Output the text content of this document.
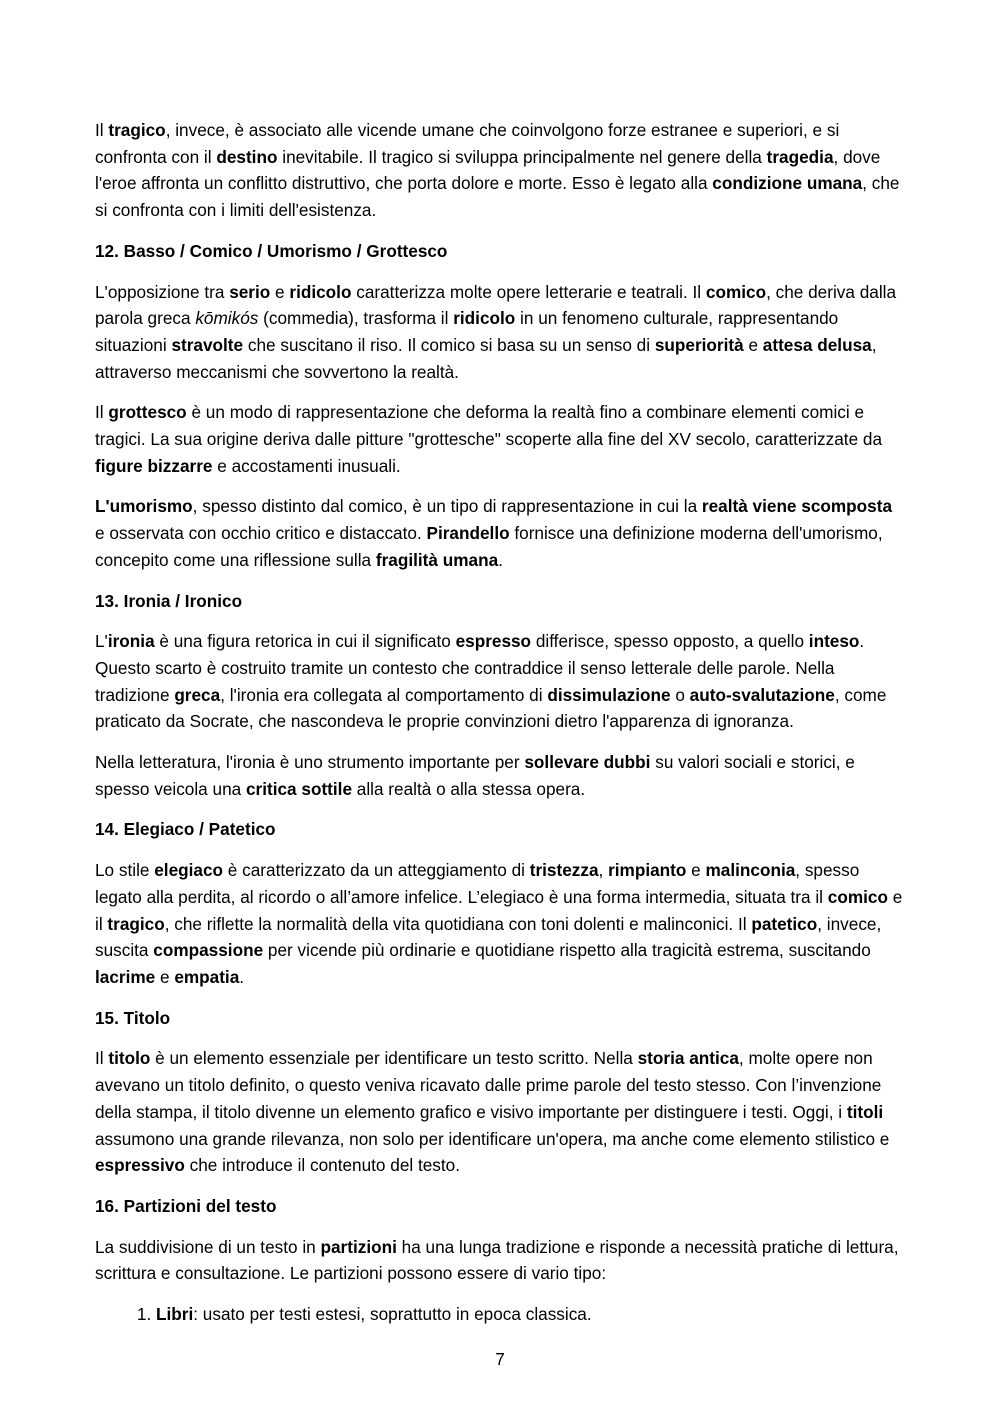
Il tragico, invece, è associato alle vicende umane che coinvolgono forze estranee e superiori, e si confronta con il destino inevitabile. Il tragico si sviluppa principalmente nel genere della tragedia, dove l'eroe affronta un conflitto distruttivo, che porta dolore e morte. Esso è legato alla condizione umana, che si confronta con i limiti dell'esistenza.

12. Basso / Comico / Umorismo / Grottesco

L'opposizione tra serio e ridicolo caratterizza molte opere letterarie e teatrali. Il comico, che deriva dalla parola greca kōmikós (commedia), trasforma il ridicolo in un fenomeno culturale, rappresentando situazioni stravolte che suscitano il riso. Il comico si basa su un senso di superiorità e attesa delusa, attraverso meccanismi che sovvertono la realtà.

Il grottesco è un modo di rappresentazione che deforma la realtà fino a combinare elementi comici e tragici. La sua origine deriva dalle pitture "grottesche" scoperte alla fine del XV secolo, caratterizzate da figure bizzarre e accostamenti inusuali.

L'umorismo, spesso distinto dal comico, è un tipo di rappresentazione in cui la realtà viene scomposta e osservata con occhio critico e distaccato. Pirandello fornisce una definizione moderna dell'umorismo, concepito come una riflessione sulla fragilità umana.

13. Ironia / Ironico

L'ironia è una figura retorica in cui il significato espresso differisce, spesso opposto, a quello inteso. Questo scarto è costruito tramite un contesto che contraddice il senso letterale delle parole. Nella tradizione greca, l'ironia era collegata al comportamento di dissimulazione o auto-svalutazione, come praticato da Socrate, che nascondeva le proprie convinzioni dietro l'apparenza di ignoranza.

Nella letteratura, l'ironia è uno strumento importante per sollevare dubbi su valori sociali e storici, e spesso veicola una critica sottile alla realtà o alla stessa opera.

14. Elegiaco / Patetico

Lo stile elegiaco è caratterizzato da un atteggiamento di tristezza, rimpianto e malinconia, spesso legato alla perdita, al ricordo o all’amore infelice. L’elegiaco è una forma intermedia, situata tra il comico e il tragico, che riflette la normalità della vita quotidiana con toni dolenti e malinconici. Il patetico, invece, suscita compassione per vicende più ordinarie e quotidiane rispetto alla tragicità estrema, suscitando lacrime e empatia.

15. Titolo

Il titolo è un elemento essenziale per identificare un testo scritto. Nella storia antica, molte opere non avevano un titolo definito, o questo veniva ricavato dalle prime parole del testo stesso. Con l’invenzione della stampa, il titolo divenne un elemento grafico e visivo importante per distinguere i testi. Oggi, i titoli assumono una grande rilevanza, non solo per identificare un'opera, ma anche come elemento stilistico e espressivo che introduce il contenuto del testo.

16. Partizioni del testo

La suddivisione di un testo in partizioni ha una lunga tradizione e risponde a necessità pratiche di lettura, scrittura e consultazione. Le partizioni possono essere di vario tipo:

1. Libri: usato per testi estesi, soprattutto in epoca classica.
7
